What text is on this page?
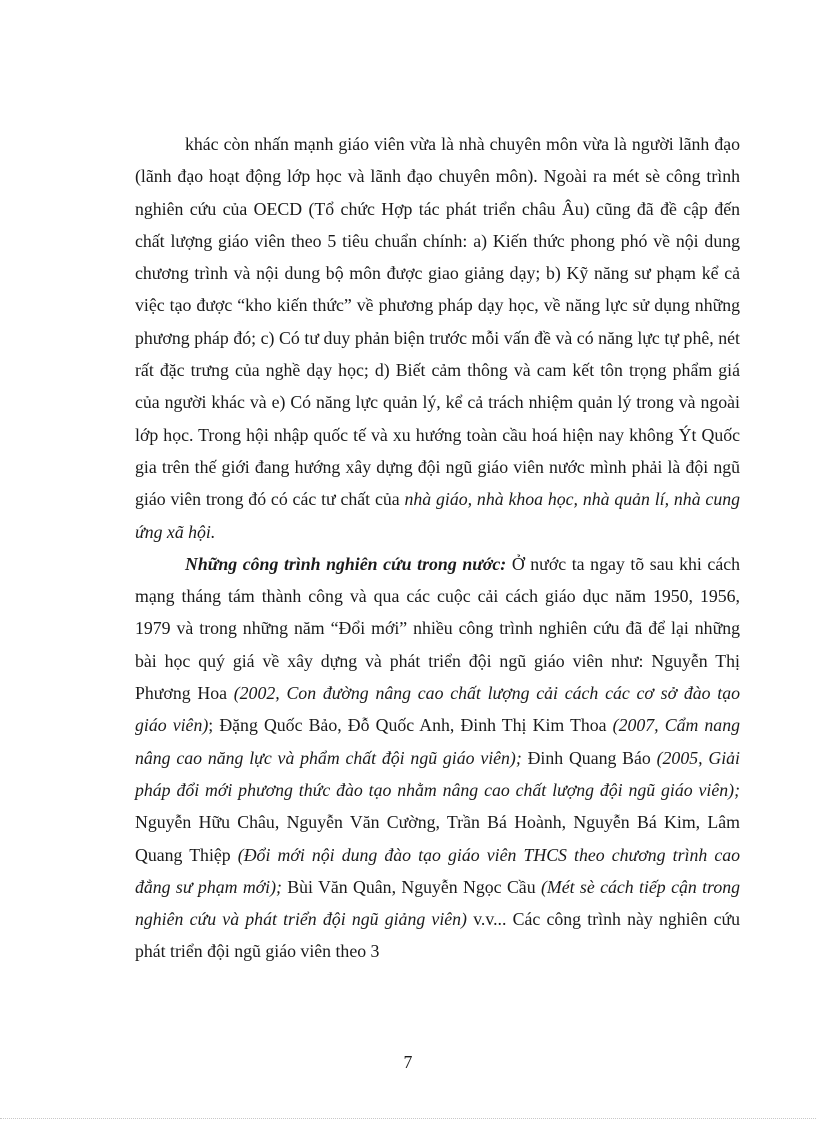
khác còn nhấn mạnh giáo viên vừa là nhà chuyên môn vừa là người lãnh đạo (lãnh đạo hoạt động lớp học và lãnh đạo chuyên môn). Ngoài ra mét sè công trình nghiên cứu của OECD (Tổ chức Hợp tác phát triển châu Âu) cũng đã đề cập đến chất lượng giáo viên theo 5 tiêu chuẩn chính: a) Kiến thức phong phó về nội dung chương trình và nội dung bộ môn được giao giảng dạy; b) Kỹ năng sư phạm kể cả việc tạo được “kho kiến thức” về phương pháp dạy học, về năng lực sử dụng những phương pháp đó; c) Có tư duy phản biện trước mỗi vấn đề và có năng lực tự phê, nét rất đặc trưng của nghề dạy học; d) Biết cảm thông và cam kết tôn trọng phẩm giá của người khác và e) Có năng lực quản lý, kể cả trách nhiệm quản lý trong và ngoài lớp học. Trong hội nhập quốc tế và xu hướng toàn cầu hoá hiện nay không Ýt Quốc gia trên thế giới đang hướng xây dựng đội ngũ giáo viên nước mình phải là đội ngũ giáo viên trong đó có các tư chất của nhà giáo, nhà khoa học, nhà quản lí, nhà cung ứng xã hội.

Những công trình nghiên cứu trong nước: Ở nước ta ngay tõ sau khi cách mạng tháng tám thành công và qua các cuộc cải cách giáo dục năm 1950, 1956, 1979 và trong những năm “Đổi mới” nhiều công trình nghiên cứu đã để lại những bài học quý giá về xây dựng và phát triển đội ngũ giáo viên như: Nguyễn Thị Phương Hoa (2002, Con đường nâng cao chất lượng cải cách các cơ sở đào tạo giáo viên); Đặng Quốc Bảo, Đỗ Quốc Anh, Đinh Thị Kim Thoa (2007, Cẩm nang nâng cao năng lực và phẩm chất đội ngũ giáo viên); Đinh Quang Báo (2005, Giải pháp đổi mới phương thức đào tạo nhằm nâng cao chất lượng đội ngũ giáo viên); Nguyễn Hữu Châu, Nguyễn Văn Cường, Trần Bá Hoành, Nguyễn Bá Kim, Lâm Quang Thiệp (Đổi mới nội dung đào tạo giáo viên THCS theo chương trình cao đẳng sư phạm mới); Bùi Văn Quân, Nguyễn Ngọc Cầu (Mét sè cách tiếp cận trong nghiên cứu và phát triển đội ngũ giảng viên) v.v... Các công trình này nghiên cứu phát triển đội ngũ giáo viên theo 3

7
